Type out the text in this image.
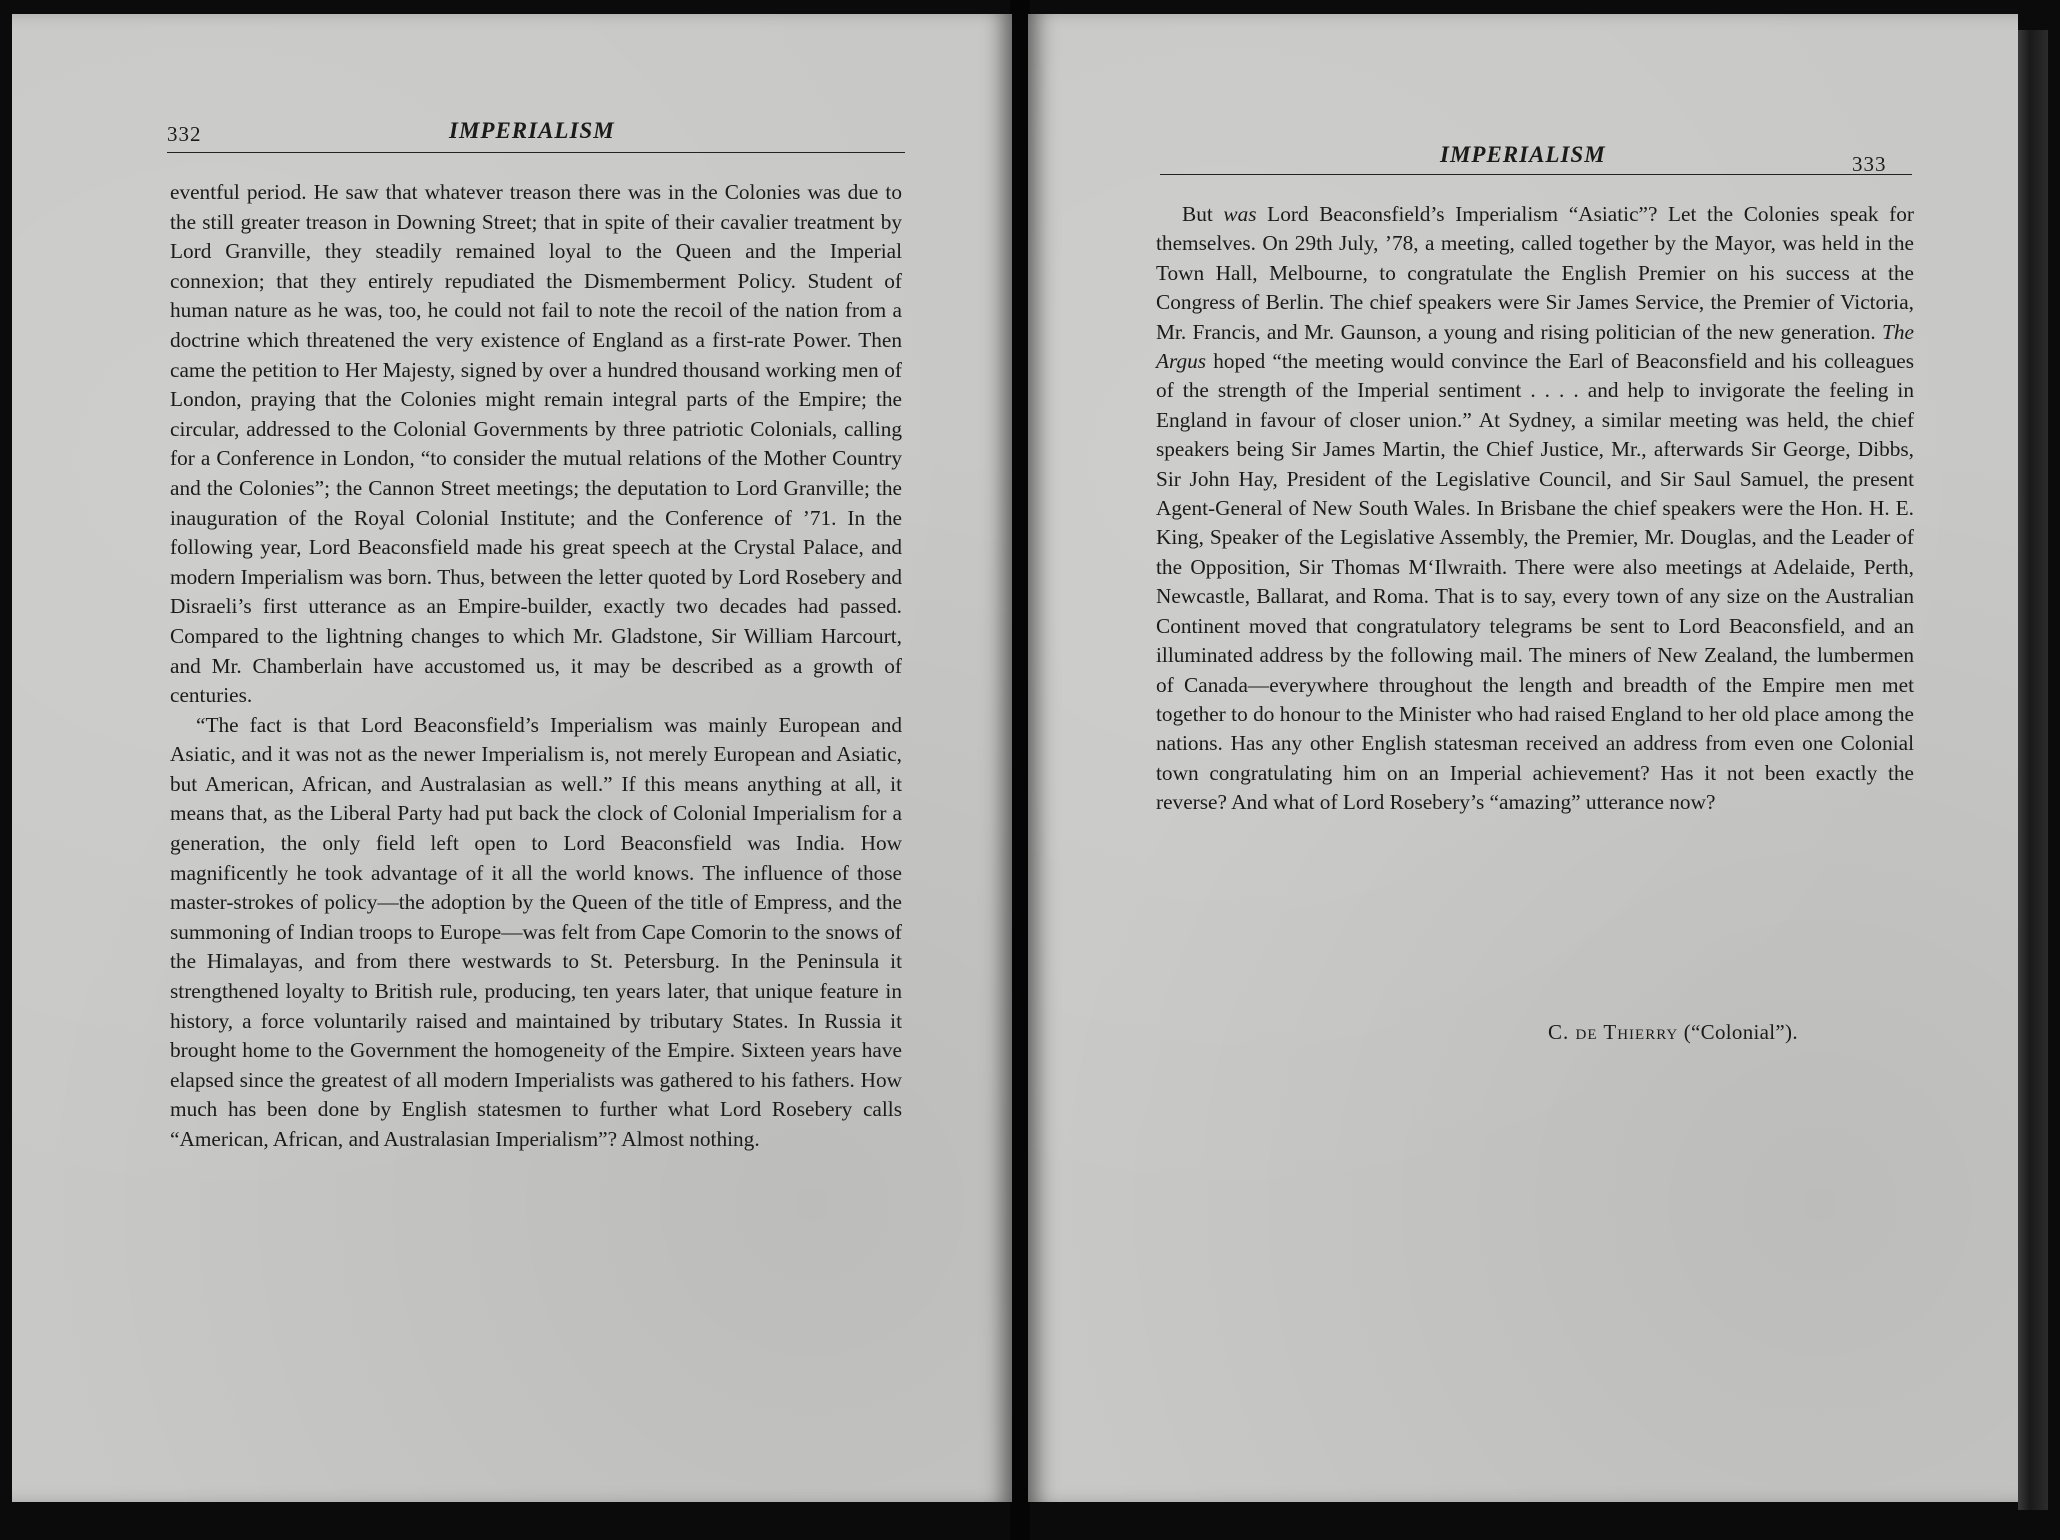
332	IMPERIALISM

eventful period. He saw that whatever treason there was in the Colonies was due to the still greater treason in Downing Street; that in spite of their cavalier treatment by Lord Granville, they steadily remained loyal to the Queen and the Imperial connexion; that they entirely repudiated the Dismemberment Policy. Student of human nature as he was, too, he could not fail to note the recoil of the nation from a doctrine which threatened the very existence of England as a first-rate Power. Then came the petition to Her Majesty, signed by over a hundred thousand working men of London, praying that the Colonies might remain integral parts of the Empire; the circular, addressed to the Colonial Governments by three patriotic Colonials, calling for a Conference in London, “to consider the mutual relations of the Mother Country and the Colonies”; the Cannon Street meetings; the deputation to Lord Granville; the inauguration of the Royal Colonial Institute; and the Conference of ’71. In the following year, Lord Beaconsfield made his great speech at the Crystal Palace, and modern Imperialism was born. Thus, between the letter quoted by Lord Rosebery and Disraeli’s first utterance as an Empire-builder, exactly two decades had passed. Compared to the lightning changes to which Mr. Gladstone, Sir William Harcourt, and Mr. Chamberlain have accustomed us, it may be described as a growth of centuries.

“The fact is that Lord Beaconsfield’s Imperialism was mainly European and Asiatic, and it was not as the newer Imperialism is, not merely European and Asiatic, but American, African, and Australasian as well.” If this means anything at all, it means that, as the Liberal Party had put back the clock of Colonial Imperialism for a generation, the only field left open to Lord Beaconsfield was India. How magnificently he took advantage of it all the world knows. The influence of those master-strokes of policy—the adoption by the Queen of the title of Empress, and the summoning of Indian troops to Europe—was felt from Cape Comorin to the snows of the Himalayas, and from there westwards to St. Petersburg. In the Peninsula it strengthened loyalty to British rule, producing, ten years later, that unique feature in history, a force voluntarily raised and maintained by tributary States. In Russia it brought home to the Government the homogeneity of the Empire. Sixteen years have elapsed since the greatest of all modern Imperialists was gathered to his fathers. How much has been done by English statesmen to further what Lord Rosebery calls “American, African, and Australasian Imperialism”? Almost nothing.

IMPERIALISM	333

But was Lord Beaconsfield’s Imperialism “Asiatic”? Let the Colonies speak for themselves. On 29th July, ’78, a meeting, called together by the Mayor, was held in the Town Hall, Melbourne, to congratulate the English Premier on his success at the Congress of Berlin. The chief speakers were Sir James Service, the Premier of Victoria, Mr. Francis, and Mr. Gaunson, a young and rising politician of the new generation. The Argus hoped “the meeting would convince the Earl of Beaconsfield and his colleagues of the strength of the Imperial sentiment . . . . and help to invigorate the feeling in England in favour of closer union.” At Sydney, a similar meeting was held, the chief speakers being Sir James Martin, the Chief Justice, Mr., afterwards Sir George, Dibbs, Sir John Hay, President of the Legislative Council, and Sir Saul Samuel, the present Agent-General of New South Wales. In Brisbane the chief speakers were the Hon. H. E. King, Speaker of the Legislative Assembly, the Premier, Mr. Douglas, and the Leader of the Opposition, Sir Thomas M‘Ilwraith. There were also meetings at Adelaide, Perth, Newcastle, Ballarat, and Roma. That is to say, every town of any size on the Australian Continent moved that congratulatory telegrams be sent to Lord Beaconsfield, and an illuminated address by the following mail. The miners of New Zealand, the lumbermen of Canada—everywhere throughout the length and breadth of the Empire men met together to do honour to the Minister who had raised England to her old place among the nations. Has any other English statesman received an address from even one Colonial town congratulating him on an Imperial achievement? Has it not been exactly the reverse? And what of Lord Rosebery’s “amazing” utterance now?

C. de Thierry (“Colonial”).
